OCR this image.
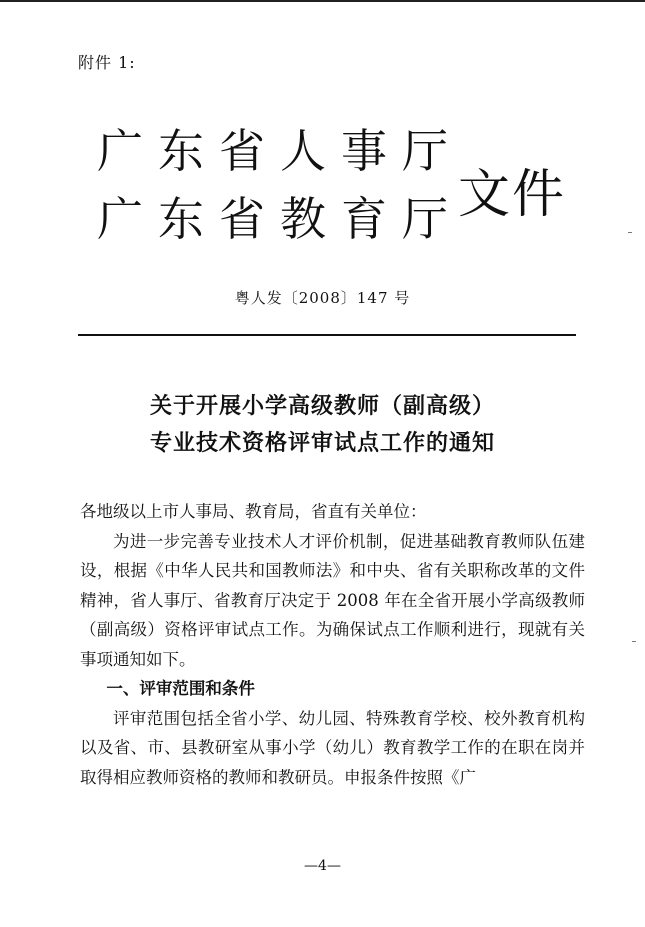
附件 1:
广东省人事厅
广东省教育厅
文件
粤人发〔2008〕147 号
关于开展小学高级教师（副高级）
专业技术资格评审试点工作的通知

各地级以上市人事局、教育局，省直有关单位：

为进一步完善专业技术人才评价机制，促进基础教育教师队伍建设，根据《中华人民共和国教师法》和中央、省有关职称改革的文件精神，省人事厅、省教育厅决定于 2008 年在全省开展小学高级教师（副高级）资格评审试点工作。为确保试点工作顺利进行，现就有关事项通知如下。

一、评审范围和条件

评审范围包括全省小学、幼儿园、特殊教育学校、校外教育机构以及省、市、县教研室从事小学（幼儿）教育教学工作的在职在岗并取得相应教师资格的教师和教研员。申报条件按照《广

—4—
